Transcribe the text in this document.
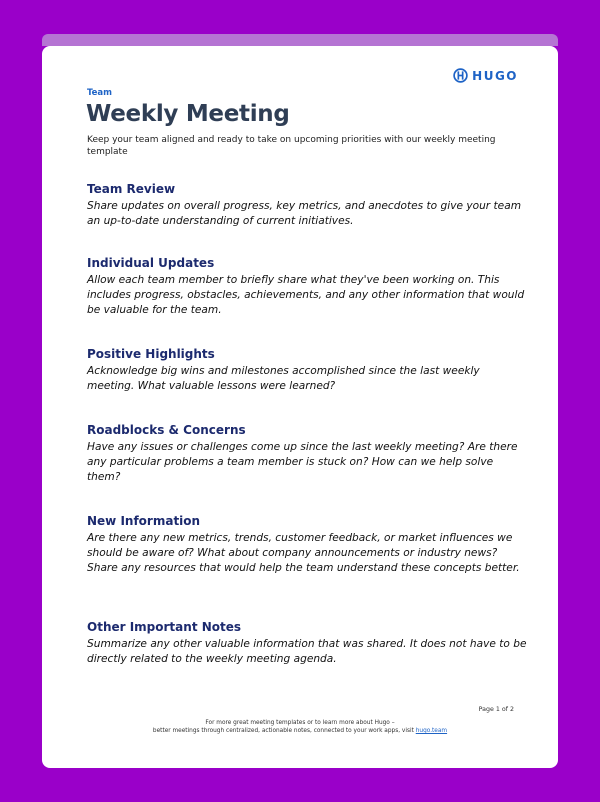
HUGO
Team
Weekly Meeting
Keep your team aligned and ready to take on upcoming priorities with our weekly meeting template
Team Review

Share updates on overall progress, key metrics, and anecdotes to give your team an up-to-date understanding of current initiatives.

Individual Updates

Allow each team member to briefly share what they've been working on. This includes progress, obstacles, achievements, and any other information that would be valuable for the team.

Positive Highlights

Acknowledge big wins and milestones accomplished since the last weekly meeting. What valuable lessons were learned?

Roadblocks & Concerns

Have any issues or challenges come up since the last weekly meeting? Are there any particular problems a team member is stuck on? How can we help solve them?

New Information

Are there any new metrics, trends, customer feedback, or market influences we should be aware of? What about company announcements or industry news? Share any resources that would help the team understand these concepts better.

Other Important Notes

Summarize any other valuable information that was shared. It does not have to be directly related to the weekly meeting agenda.

Page 1 of 2
For more great meeting templates or to learn more about Hugo –
better meetings through centralized, actionable notes, connected to your work apps, visit hugo.team
